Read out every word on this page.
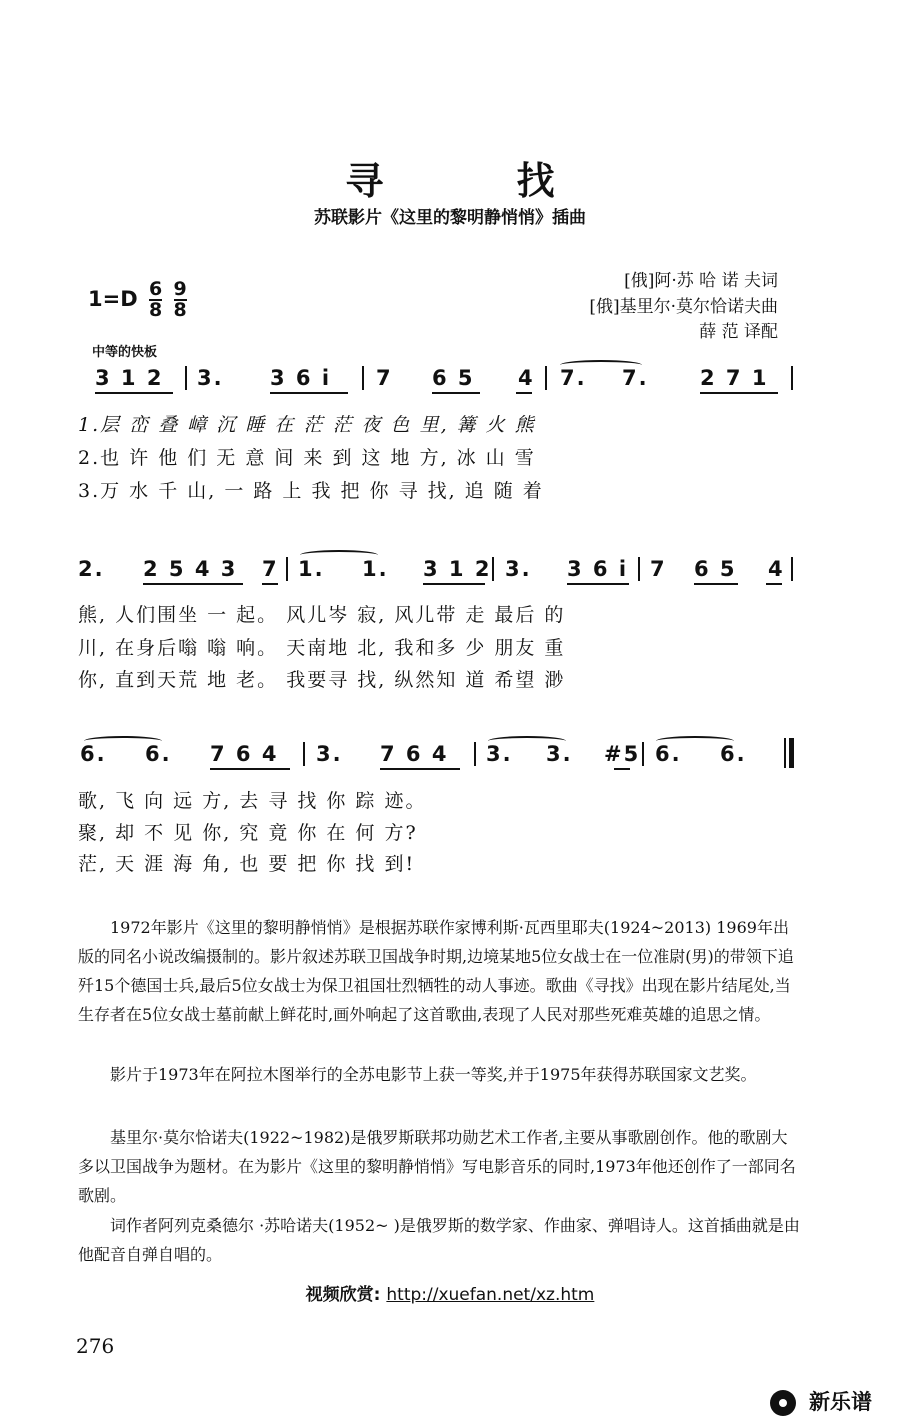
寻 找
苏联影片《这里的黎明静悄悄》插曲
[俄]阿·苏 哈 诺 夫词
[俄]基里尔·莫尔恰诺夫曲
薛 范 译配
$1=D \frac{6}{8}$
$\frac{9}{8}$
中等的快板
3 1 2 3. 3 6 i 7 6 5 4 7. 7. 2 7 1
1.层 峦 叠 嶂 沉 睡 在 茫 茫 夜 色 里, 篝 火 熊
2.也 许 他 们 无 意 间 来 到 这 地 方, 冰 山 雪
3.万 水 千 山, 一 路 上 我 把 你 寻 找, 追 随 着
2. 2 5 4 3 7 1. 1. 3 1 2 3. 3 6 i 7 6 5 4
熊, 人们围坐 一 起。 风儿岑 寂, 风儿带 走 最后 的
川, 在身后嗡 嗡 响。 天南地 北, 我和多 少 朋友 重
你, 直到天荒 地 老。 我要寻 找, 纵然知 道 希望 渺
6. 6. 7 6 4 3. 7 6 4 3. 3. #5 6. 6.
歌, 飞 向 远 方, 去 寻 找 你 踪 迹。
聚, 却 不 见 你, 究 竟 你 在 何 方?
茫, 天 涯 海 角, 也 要 把 你 找 到!
1972年影片《这里的黎明静悄悄》是根据苏联作家博利斯·瓦西里耶夫(1924~2013) 1969年出版的同名小说改编摄制的。影片叙述苏联卫国战争时期,边境某地5位女战士在一位准尉(男)的带领下追歼15个德国士兵,最后5位女战士为保卫祖国壮烈牺牲的动人事迹。歌曲《寻找》出现在影片结尾处,当生存者在5位女战士墓前献上鲜花时,画外响起了这首歌曲,表现了人民对那些死难英雄的追思之情。
影片于1973年在阿拉木图举行的全苏电影节上获一等奖,并于1975年获得苏联国家文艺奖。
基里尔·莫尔恰诺夫(1922~1982)是俄罗斯联邦功勋艺术工作者,主要从事歌剧创作。他的歌剧大多以卫国战争为题材。在为影片《这里的黎明静悄悄》写电影音乐的同时,1973年他还创作了一部同名歌剧。
词作者阿列克桑德尔 ·苏哈诺夫(1952~ )是俄罗斯的数学家、作曲家、弹唱诗人。这首插曲就是由他配音自弹自唱的。
视频欣赏: http://xuefan.net/xz.htm
276
新乐谱
